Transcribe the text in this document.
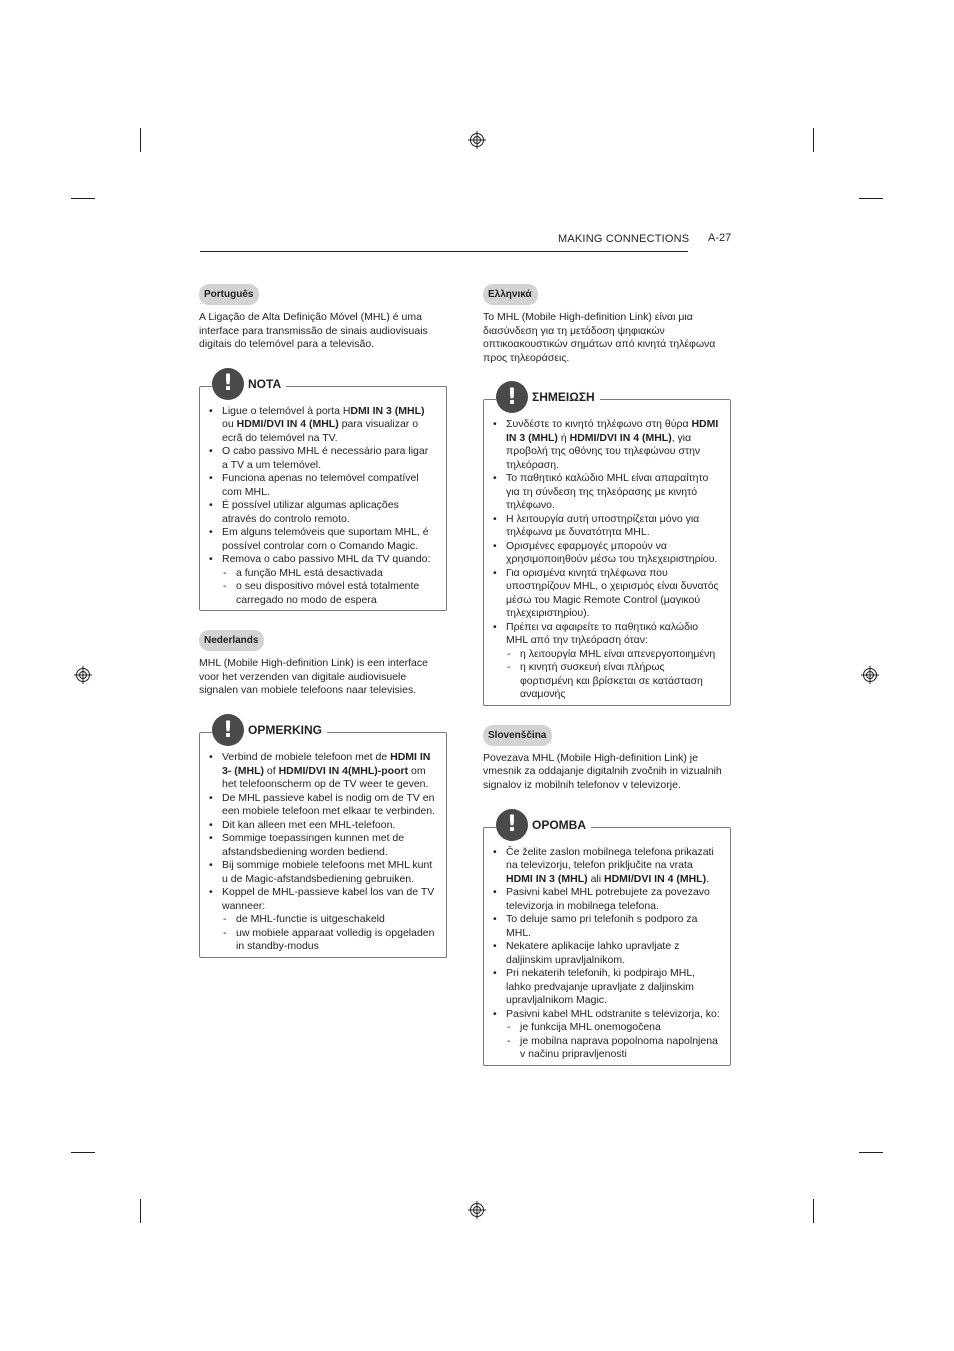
MAKING CONNECTIONS A-27
Português

A Ligação de Alta Definição Móvel (MHL) é uma interface para transmissão de sinais audiovisuais digitais do telemóvel para a televisão.

!	NOTA
• Ligue o telemóvel à porta HDMI IN 3 (MHL) ou HDMI/DVI IN 4 (MHL) para visualizar o ecrã do telemóvel na TV.
• O cabo passivo MHL é necessário para ligar a TV a um telemóvel.
• Funciona apenas no telemóvel compatível com MHL.
• É possível utilizar algumas aplicações através do controlo remoto.
• Em alguns telemóveis que suportam MHL, é possível controlar com o Comando Magic.
• Remova o cabo passivo MHL da TV quando:
- a função MHL está desactivada
- o seu dispositivo móvel está totalmente carregado no modo de espera
Nederlands

MHL (Mobile High-definition Link) is een interface voor het verzenden van digitale audiovisuele signalen van mobiele telefoons naar televisies.

!	OPMERKING
• Verbind de mobiele telefoon met de HDMI IN 3- (MHL) of HDMI/DVI IN 4(MHL)-poort om het telefoonscherm op de TV weer te geven.
• De MHL passieve kabel is nodig om de TV en een mobiele telefoon met elkaar te verbinden.
• Dit kan alleen met een MHL-telefoon.
• Sommige toepassingen kunnen met de afstandsbediening worden bediend.
• Bij sommige mobiele telefoons met MHL kunt u de Magic-afstandsbediening gebruiken.
• Koppel de MHL-passieve kabel los van de TV wanneer:
- de MHL-functie is uitgeschakeld
- uw mobiele apparaat volledig is opgeladen in standby-modus
Ελληνικά

Το MHL (Mobile High-definition Link) είναι μια διασύνδεση για τη μετάδοση ψηφιακών οπτικοακουστικών σημάτων από κινητά τηλέφωνα προς τηλεοράσεις.

!	ΣΗΜΕΙΩΣΗ
• Συνδέστε το κινητό τηλέφωνο στη θύρα HDMI IN 3 (MHL) ή HDMI/DVI IN 4 (MHL), για προβολή της οθόνης του τηλεφώνου στην τηλεόραση.
• Το παθητικό καλώδιο MHL είναι απαραίτητο για τη σύνδεση της τηλεόρασης με κινητό τηλέφωνο.
• Η λειτουργία αυτή υποστηρίζεται μόνο για τηλέφωνα με δυνατότητα MHL.
• Ορισμένες εφαρμογές μπορούν να χρησιμοποιηθούν μέσω του τηλεχειριστηρίου.
• Για ορισμένα κινητά τηλέφωνα που υποστηρίζουν MHL, ο χειρισμός είναι δυνατός μέσω του Magic Remote Control (μαγικού τηλεχειριστηρίου).
• Πρέπει να αφαιρείτε το παθητικό καλώδιο MHL από την τηλεόραση όταν:
- η λειτουργία MHL είναι απενεργοποιημένη
- η κινητή συσκευή είναι πλήρως φορτισμένη και βρίσκεται σε κατάσταση αναμονής
Slovenščina

Povezava MHL (Mobile High-definition Link) je vmesnik za oddajanje digitalnih zvočnih in vizualnih signalov iz mobilnih telefonov v televizorje.

!	OPOMBA
• Če želite zaslon mobilnega telefona prikazati na televizorju, telefon priključite na vrata HDMI IN 3 (MHL) ali HDMI/DVI IN 4 (MHL).
• Pasivni kabel MHL potrebujete za povezavo televizorja in mobilnega telefona.
• To deluje samo pri telefonih s podporo za MHL.
• Nekatere aplikacije lahko upravljate z daljinskim upravljalnikom.
• Pri nekaterih telefonih, ki podpirajo MHL, lahko predvajanje upravljate z daljinskim upravljalnikom Magic.
• Pasivni kabel MHL odstranite s televizorja, ko:
- je funkcija MHL onemogočena
- je mobilna naprava popolnoma napolnjena v načinu pripravljenosti
